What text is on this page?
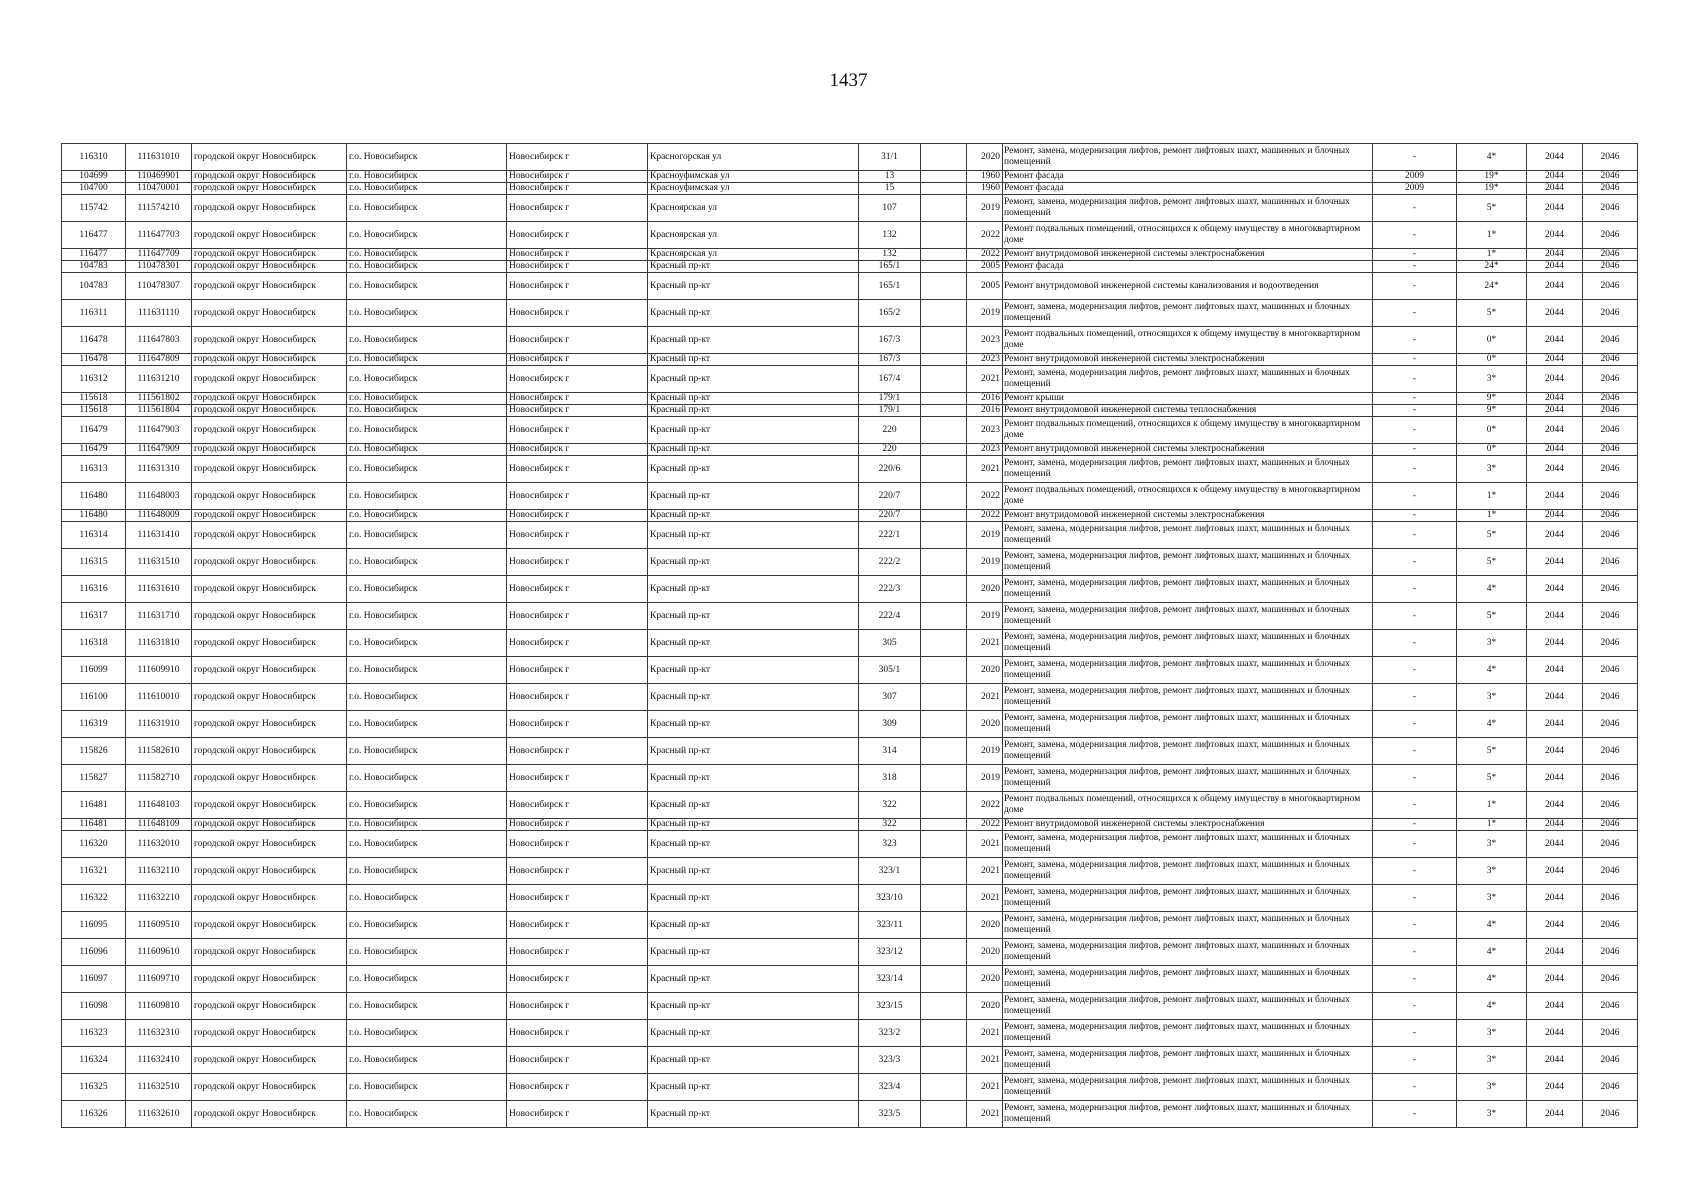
1437
116310	111631010	городской округ Новосибирск	г.о. Новосибирск	Новосибирск г	Красногорская ул	31/1		2020	Ремонт, замена, модернизация лифтов, ремонт лифтовых шахт, машинных и блочных помещений	-	4*	2044	2046
104699	110469901	городской округ Новосибирск	г.о. Новосибирск	Новосибирск г	Красноуфимская ул	13		1960	Ремонт фасада	2009	19*	2044	2046
104700	110470001	городской округ Новосибирск	г.о. Новосибирск	Новосибирск г	Красноуфимская ул	15		1960	Ремонт фасада	2009	19*	2044	2046
115742	111574210	городской округ Новосибирск	г.о. Новосибирск	Новосибирск г	Красноярская ул	107		2019	Ремонт, замена, модернизация лифтов, ремонт лифтовых шахт, машинных и блочных помещений	-	5*	2044	2046
116477	111647703	городской округ Новосибирск	г.о. Новосибирск	Новосибирск г	Красноярская ул	132		2022	Ремонт подвальных помещений, относящихся к общему имуществу в многоквартирном доме	-	1*	2044	2046
116477	111647709	городской округ Новосибирск	г.о. Новосибирск	Новосибирск г	Красноярская ул	132		2022	Ремонт внутридомовой инженерной системы электроснабжения	-	1*	2044	2046
104783	110478301	городской округ Новосибирск	г.о. Новосибирск	Новосибирск г	Красный пр-кт	165/1		2005	Ремонт фасада	-	24*	2044	2046
104783	110478307	городской округ Новосибирск	г.о. Новосибирск	Новосибирск г	Красный пр-кт	165/1		2005	Ремонт внутридомовой инженерной системы канализования и водоотведения	-	24*	2044	2046
116311	111631110	городской округ Новосибирск	г.о. Новосибирск	Новосибирск г	Красный пр-кт	165/2		2019	Ремонт, замена, модернизация лифтов, ремонт лифтовых шахт, машинных и блочных помещений	-	5*	2044	2046
116478	111647803	городской округ Новосибирск	г.о. Новосибирск	Новосибирск г	Красный пр-кт	167/3		2023	Ремонт подвальных помещений, относящихся к общему имуществу в многоквартирном доме	-	0*	2044	2046
116478	111647809	городской округ Новосибирск	г.о. Новосибирск	Новосибирск г	Красный пр-кт	167/3		2023	Ремонт внутридомовой инженерной системы электроснабжения	-	0*	2044	2046
116312	111631210	городской округ Новосибирск	г.о. Новосибирск	Новосибирск г	Красный пр-кт	167/4		2021	Ремонт, замена, модернизация лифтов, ремонт лифтовых шахт, машинных и блочных помещений	-	3*	2044	2046
115618	111561802	городской округ Новосибирск	г.о. Новосибирск	Новосибирск г	Красный пр-кт	179/1		2016	Ремонт крыши	-	9*	2044	2046
115618	111561804	городской округ Новосибирск	г.о. Новосибирск	Новосибирск г	Красный пр-кт	179/1		2016	Ремонт внутридомовой инженерной системы теплоснабжения	-	9*	2044	2046
116479	111647903	городской округ Новосибирск	г.о. Новосибирск	Новосибирск г	Красный пр-кт	220		2023	Ремонт подвальных помещений, относящихся к общему имуществу в многоквартирном доме	-	0*	2044	2046
116479	111647909	городской округ Новосибирск	г.о. Новосибирск	Новосибирск г	Красный пр-кт	220		2023	Ремонт внутридомовой инженерной системы электроснабжения	-	0*	2044	2046
116313	111631310	городской округ Новосибирск	г.о. Новосибирск	Новосибирск г	Красный пр-кт	220/6		2021	Ремонт, замена, модернизация лифтов, ремонт лифтовых шахт, машинных и блочных помещений	-	3*	2044	2046
116480	111648003	городской округ Новосибирск	г.о. Новосибирск	Новосибирск г	Красный пр-кт	220/7		2022	Ремонт подвальных помещений, относящихся к общему имуществу в многоквартирном доме	-	1*	2044	2046
116480	111648009	городской округ Новосибирск	г.о. Новосибирск	Новосибирск г	Красный пр-кт	220/7		2022	Ремонт внутридомовой инженерной системы электроснабжения	-	1*	2044	2046
116314	111631410	городской округ Новосибирск	г.о. Новосибирск	Новосибирск г	Красный пр-кт	222/1		2019	Ремонт, замена, модернизация лифтов, ремонт лифтовых шахт, машинных и блочных помещений	-	5*	2044	2046
116315	111631510	городской округ Новосибирск	г.о. Новосибирск	Новосибирск г	Красный пр-кт	222/2		2019	Ремонт, замена, модернизация лифтов, ремонт лифтовых шахт, машинных и блочных помещений	-	5*	2044	2046
116316	111631610	городской округ Новосибирск	г.о. Новосибирск	Новосибирск г	Красный пр-кт	222/3		2020	Ремонт, замена, модернизация лифтов, ремонт лифтовых шахт, машинных и блочных помещений	-	4*	2044	2046
116317	111631710	городской округ Новосибирск	г.о. Новосибирск	Новосибирск г	Красный пр-кт	222/4		2019	Ремонт, замена, модернизация лифтов, ремонт лифтовых шахт, машинных и блочных помещений	-	5*	2044	2046
116318	111631810	городской округ Новосибирск	г.о. Новосибирск	Новосибирск г	Красный пр-кт	305		2021	Ремонт, замена, модернизация лифтов, ремонт лифтовых шахт, машинных и блочных помещений	-	3*	2044	2046
116099	111609910	городской округ Новосибирск	г.о. Новосибирск	Новосибирск г	Красный пр-кт	305/1		2020	Ремонт, замена, модернизация лифтов, ремонт лифтовых шахт, машинных и блочных помещений	-	4*	2044	2046
116100	111610010	городской округ Новосибирск	г.о. Новосибирск	Новосибирск г	Красный пр-кт	307		2021	Ремонт, замена, модернизация лифтов, ремонт лифтовых шахт, машинных и блочных помещений	-	3*	2044	2046
116319	111631910	городской округ Новосибирск	г.о. Новосибирск	Новосибирск г	Красный пр-кт	309		2020	Ремонт, замена, модернизация лифтов, ремонт лифтовых шахт, машинных и блочных помещений	-	4*	2044	2046
115826	111582610	городской округ Новосибирск	г.о. Новосибирск	Новосибирск г	Красный пр-кт	314		2019	Ремонт, замена, модернизация лифтов, ремонт лифтовых шахт, машинных и блочных помещений	-	5*	2044	2046
115827	111582710	городской округ Новосибирск	г.о. Новосибирск	Новосибирск г	Красный пр-кт	318		2019	Ремонт, замена, модернизация лифтов, ремонт лифтовых шахт, машинных и блочных помещений	-	5*	2044	2046
116481	111648103	городской округ Новосибирск	г.о. Новосибирск	Новосибирск г	Красный пр-кт	322		2022	Ремонт подвальных помещений, относящихся к общему имуществу в многоквартирном доме	-	1*	2044	2046
116481	111648109	городской округ Новосибирск	г.о. Новосибирск	Новосибирск г	Красный пр-кт	322		2022	Ремонт внутридомовой инженерной системы электроснабжения	-	1*	2044	2046
116320	111632010	городской округ Новосибирск	г.о. Новосибирск	Новосибирск г	Красный пр-кт	323		2021	Ремонт, замена, модернизация лифтов, ремонт лифтовых шахт, машинных и блочных помещений	-	3*	2044	2046
116321	111632110	городской округ Новосибирск	г.о. Новосибирск	Новосибирск г	Красный пр-кт	323/1		2021	Ремонт, замена, модернизация лифтов, ремонт лифтовых шахт, машинных и блочных помещений	-	3*	2044	2046
116322	111632210	городской округ Новосибирск	г.о. Новосибирск	Новосибирск г	Красный пр-кт	323/10		2021	Ремонт, замена, модернизация лифтов, ремонт лифтовых шахт, машинных и блочных помещений	-	3*	2044	2046
116095	111609510	городской округ Новосибирск	г.о. Новосибирск	Новосибирск г	Красный пр-кт	323/11		2020	Ремонт, замена, модернизация лифтов, ремонт лифтовых шахт, машинных и блочных помещений	-	4*	2044	2046
116096	111609610	городской округ Новосибирск	г.о. Новосибирск	Новосибирск г	Красный пр-кт	323/12		2020	Ремонт, замена, модернизация лифтов, ремонт лифтовых шахт, машинных и блочных помещений	-	4*	2044	2046
116097	111609710	городской округ Новосибирск	г.о. Новосибирск	Новосибирск г	Красный пр-кт	323/14		2020	Ремонт, замена, модернизация лифтов, ремонт лифтовых шахт, машинных и блочных помещений	-	4*	2044	2046
116098	111609810	городской округ Новосибирск	г.о. Новосибирск	Новосибирск г	Красный пр-кт	323/15		2020	Ремонт, замена, модернизация лифтов, ремонт лифтовых шахт, машинных и блочных помещений	-	4*	2044	2046
116323	111632310	городской округ Новосибирск	г.о. Новосибирск	Новосибирск г	Красный пр-кт	323/2		2021	Ремонт, замена, модернизация лифтов, ремонт лифтовых шахт, машинных и блочных помещений	-	3*	2044	2046
116324	111632410	городской округ Новосибирск	г.о. Новосибирск	Новосибирск г	Красный пр-кт	323/3		2021	Ремонт, замена, модернизация лифтов, ремонт лифтовых шахт, машинных и блочных помещений	-	3*	2044	2046
116325	111632510	городской округ Новосибирск	г.о. Новосибирск	Новосибирск г	Красный пр-кт	323/4		2021	Ремонт, замена, модернизация лифтов, ремонт лифтовых шахт, машинных и блочных помещений	-	3*	2044	2046
116326	111632610	городской округ Новосибирск	г.о. Новосибирск	Новосибирск г	Красный пр-кт	323/5		2021	Ремонт, замена, модернизация лифтов, ремонт лифтовых шахт, машинных и блочных помещений	-	3*	2044	2046
